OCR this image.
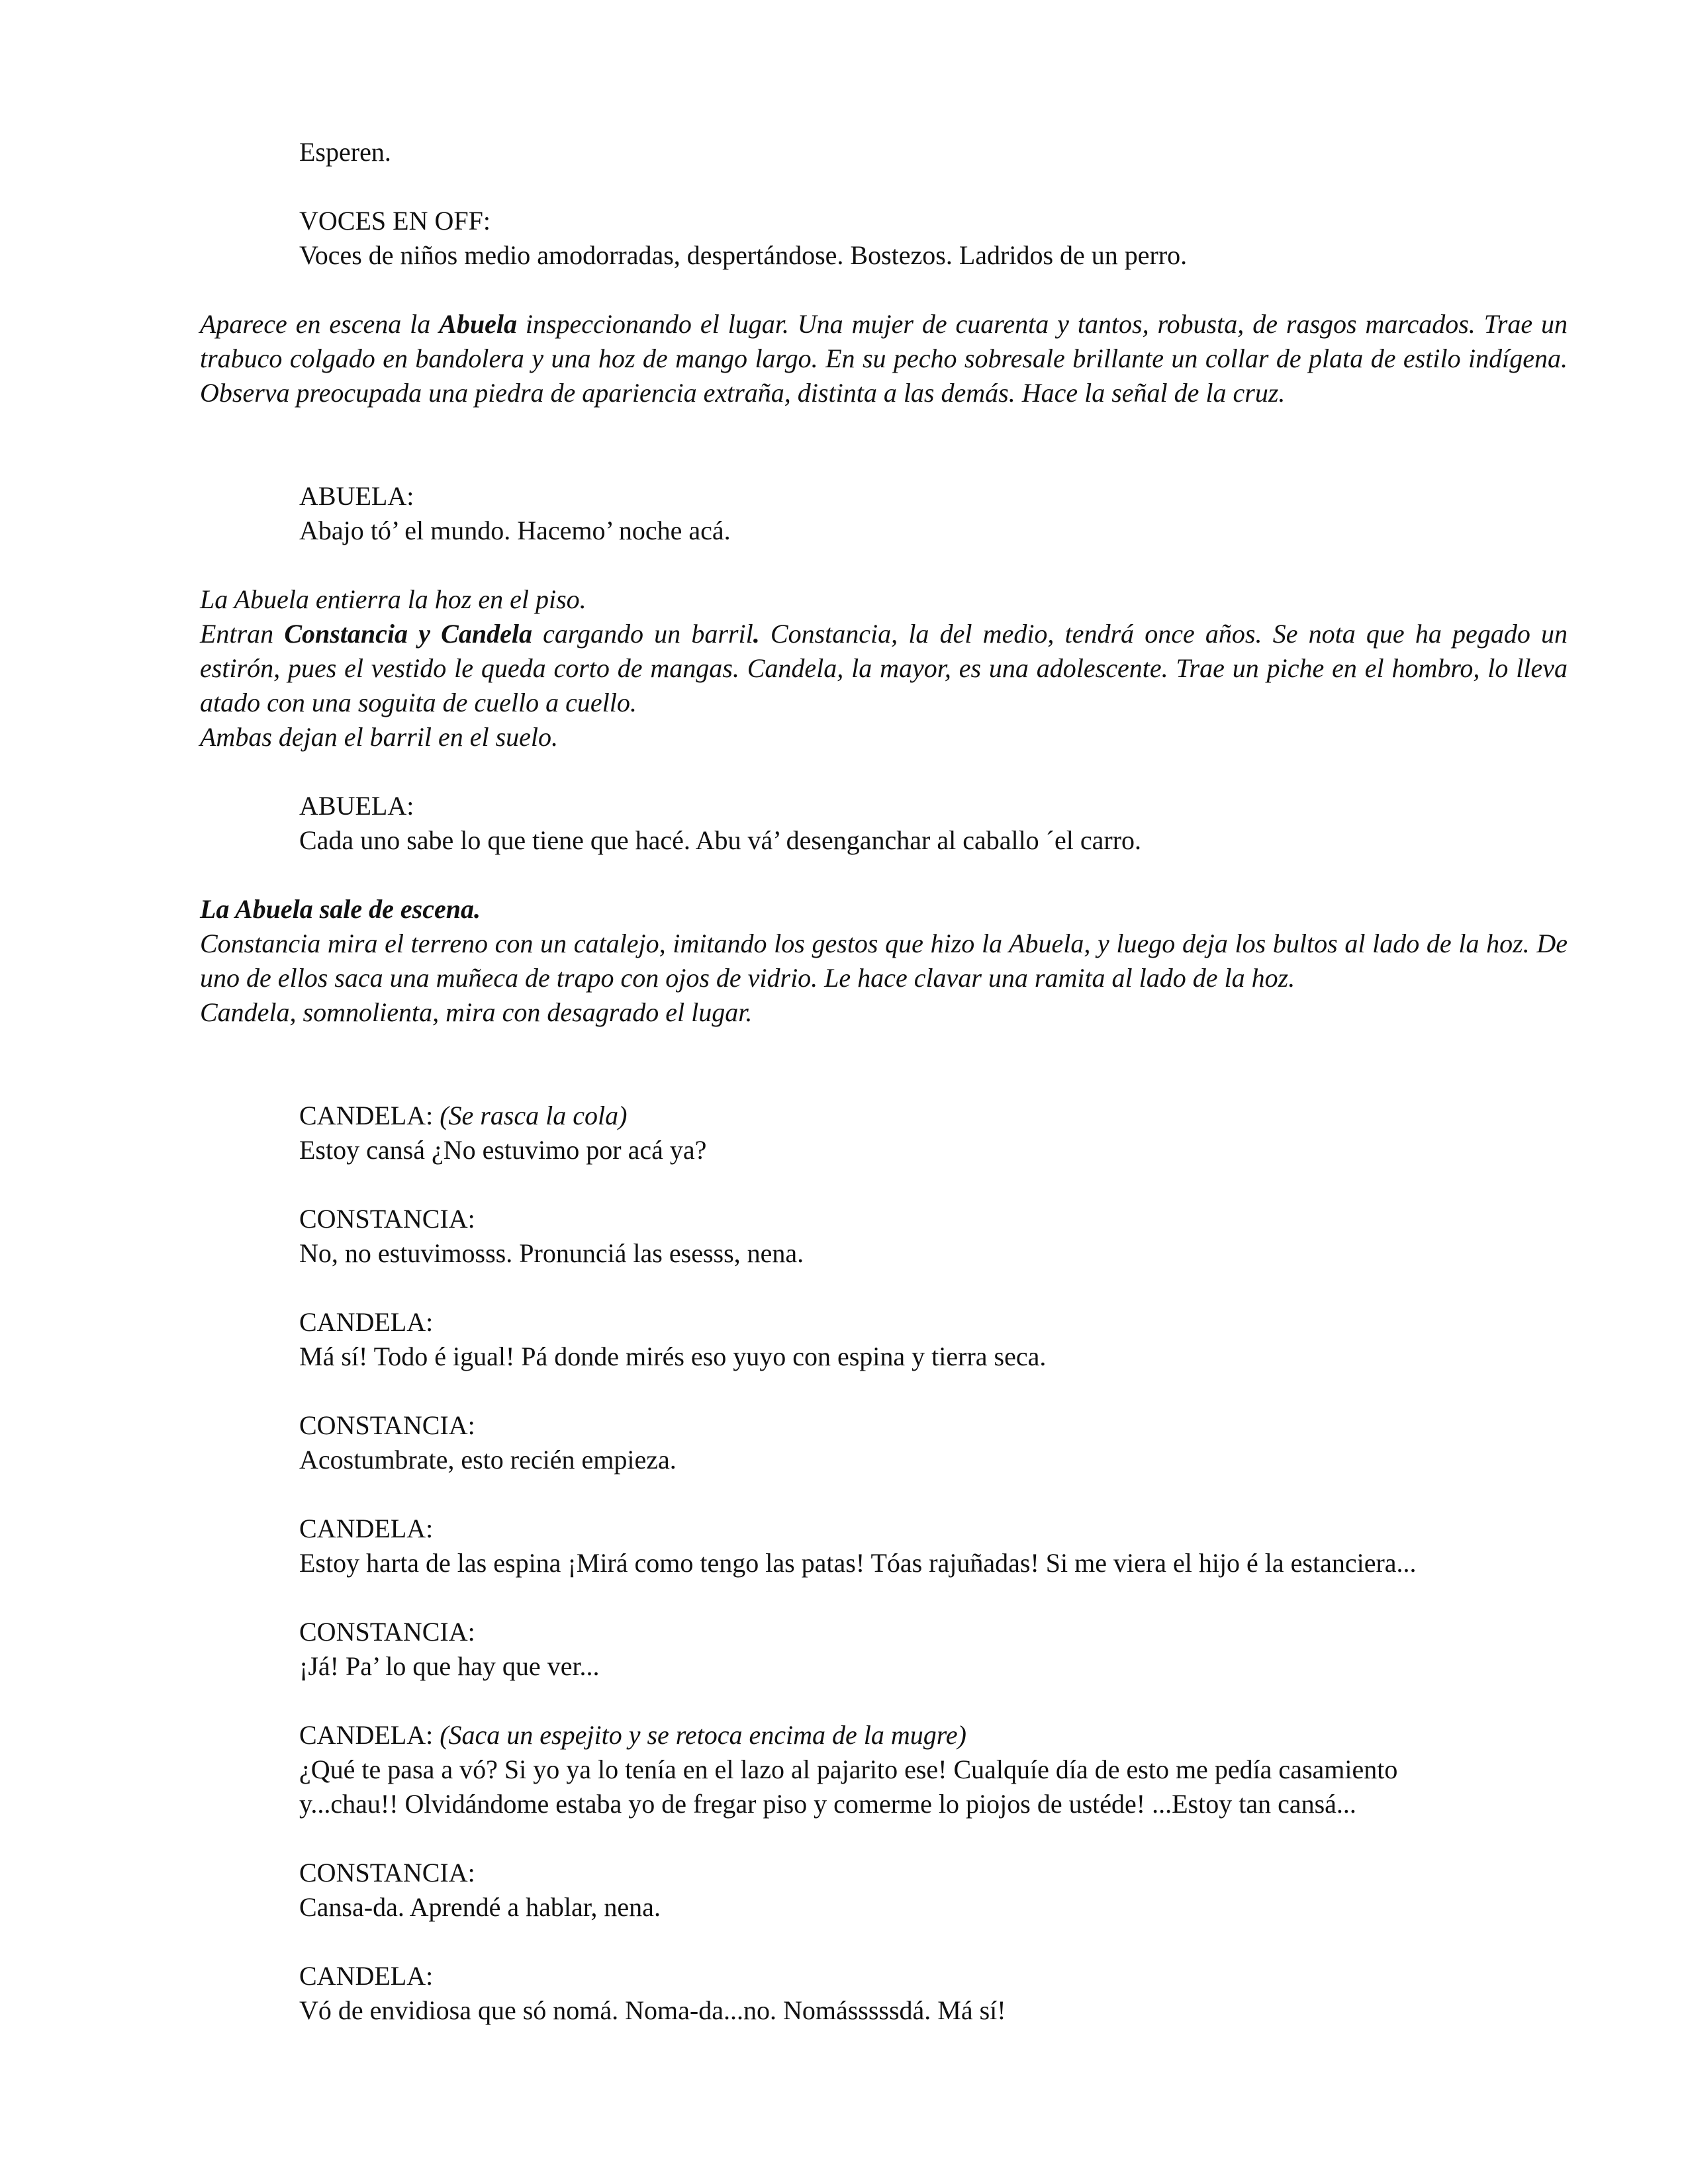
Esperen.
VOCES EN OFF:
Voces de niños medio amodorradas, despertándose. Bostezos. Ladridos de un perro.

Aparece en escena la Abuela inspeccionando el lugar. Una mujer de cuarenta y tantos, robusta, de rasgos marcados. Trae un trabuco colgado en bandolera y una hoz de mango largo. En su pecho sobresale brillante un collar de plata de estilo indígena. Observa preocupada una piedra de apariencia extraña, distinta a las demás. Hace la señal de la cruz.

ABUELA:
Abajo tó’ el mundo. Hacemo’ noche acá.

La Abuela entierra la hoz en el piso.

Entran Constancia y Candela cargando un barril. Constancia, la del medio, tendrá once años. Se nota que ha pegado un estirón, pues el vestido le queda corto de mangas. Candela, la mayor, es una adolescente. Trae un piche en el hombro, lo lleva atado con una soguita de cuello a cuello.

Ambas dejan el barril en el suelo.

ABUELA:
Cada uno sabe lo que tiene que hacé. Abu vá’ desenganchar al caballo ´el carro.

La Abuela sale de escena.

Constancia mira el terreno con un catalejo, imitando los gestos que hizo la Abuela, y luego deja los bultos al lado de la hoz. De uno de ellos saca una muñeca de trapo con ojos de vidrio. Le hace clavar una ramita al lado de la hoz.

Candela, somnolienta, mira con desagrado el lugar.

CANDELA: (Se rasca la cola)
Estoy cansá ¿No estuvimo por acá ya?
CONSTANCIA:
No, no estuvimosss. Pronunciá las esesss, nena.
CANDELA:
Má sí! Todo é igual! Pá donde mirés eso yuyo con espina y tierra seca.
CONSTANCIA:
Acostumbrate, esto recién empieza.
CANDELA:
Estoy harta de las espina ¡Mirá como tengo las patas! Tóas rajuñadas! Si me viera el hijo é la estanciera...
CONSTANCIA:
¡Já! Pa’ lo que hay que ver...
CANDELA: (Saca un espejito y se retoca encima de la mugre)
¿Qué te pasa a vó? Si yo ya lo tenía en el lazo al pajarito ese! Cualquíe día de esto me pedía casamiento
y...chau!! Olvidándome estaba yo de fregar piso y comerme lo piojos de ustéde! ...Estoy tan cansá...
CONSTANCIA:
Cansa-da. Aprendé a hablar, nena.
CANDELA:
Vó de envidiosa que só nomá. Noma-da...no. Nomásssssdá. Má sí!
